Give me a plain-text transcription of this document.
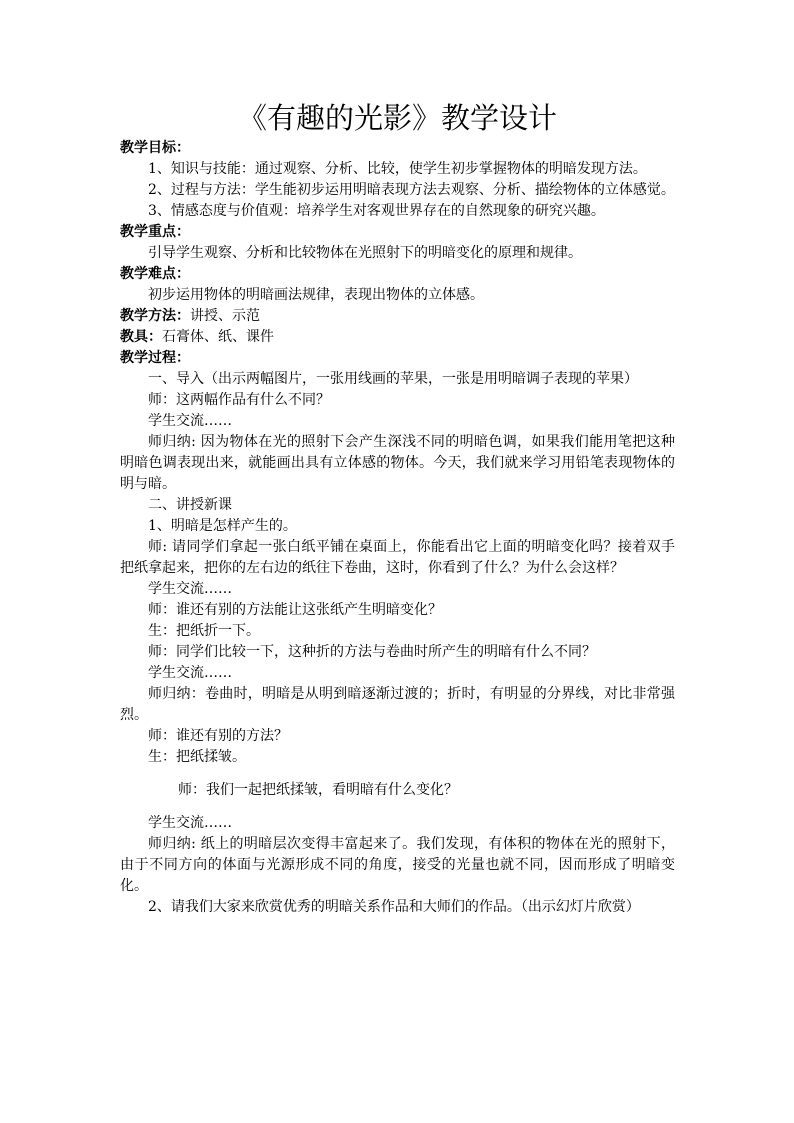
《有趣的光影》教学设计

教学目标：

1、知识与技能：通过观察、分析、比较，使学生初步掌握物体的明暗发现方法。

2、过程与方法：学生能初步运用明暗表现方法去观察、分析、描绘物体的立体感觉。

3、情感态度与价值观：培养学生对客观世界存在的自然现象的研究兴趣。

教学重点：

引导学生观察、分析和比较物体在光照射下的明暗变化的原理和规律。

教学难点：

初步运用物体的明暗画法规律，表现出物体的立体感。

教学方法：讲授、示范

教具：石膏体、纸、课件

教学过程：

一、导入（出示两幅图片，一张用线画的苹果，一张是用明暗调子表现的苹果）

师：这两幅作品有什么不同？

学生交流……

师归纳: 因为物体在光的照射下会产生深浅不同的明暗色调，如果我们能用笔把这种明暗色调表现出来，就能画出具有立体感的物体。今天，我们就来学习用铅笔表现物体的明与暗。

二、讲授新课

1、明暗是怎样产生的。

师: 请同学们拿起一张白纸平铺在桌面上，你能看出它上面的明暗变化吗？接着双手把纸拿起来，把你的左右边的纸往下卷曲，这时，你看到了什么？为什么会这样？

学生交流……

师：谁还有别的方法能让这张纸产生明暗变化？

生：把纸折一下。

师：同学们比较一下，这种折的方法与卷曲时所产生的明暗有什么不同？

学生交流……

师归纳：卷曲时，明暗是从明到暗逐渐过渡的；折时，有明显的分界线，对比非常强烈。

师：谁还有别的方法？

生：把纸揉皱。

师：我们一起把纸揉皱，看明暗有什么变化？

学生交流……

师归纳: 纸上的明暗层次变得丰富起来了。我们发现，有体积的物体在光的照射下，由于不同方向的体面与光源形成不同的角度，接受的光量也就不同，因而形成了明暗变化。

2、请我们大家来欣赏优秀的明暗关系作品和大师们的作品。（出示幻灯片欣赏）
